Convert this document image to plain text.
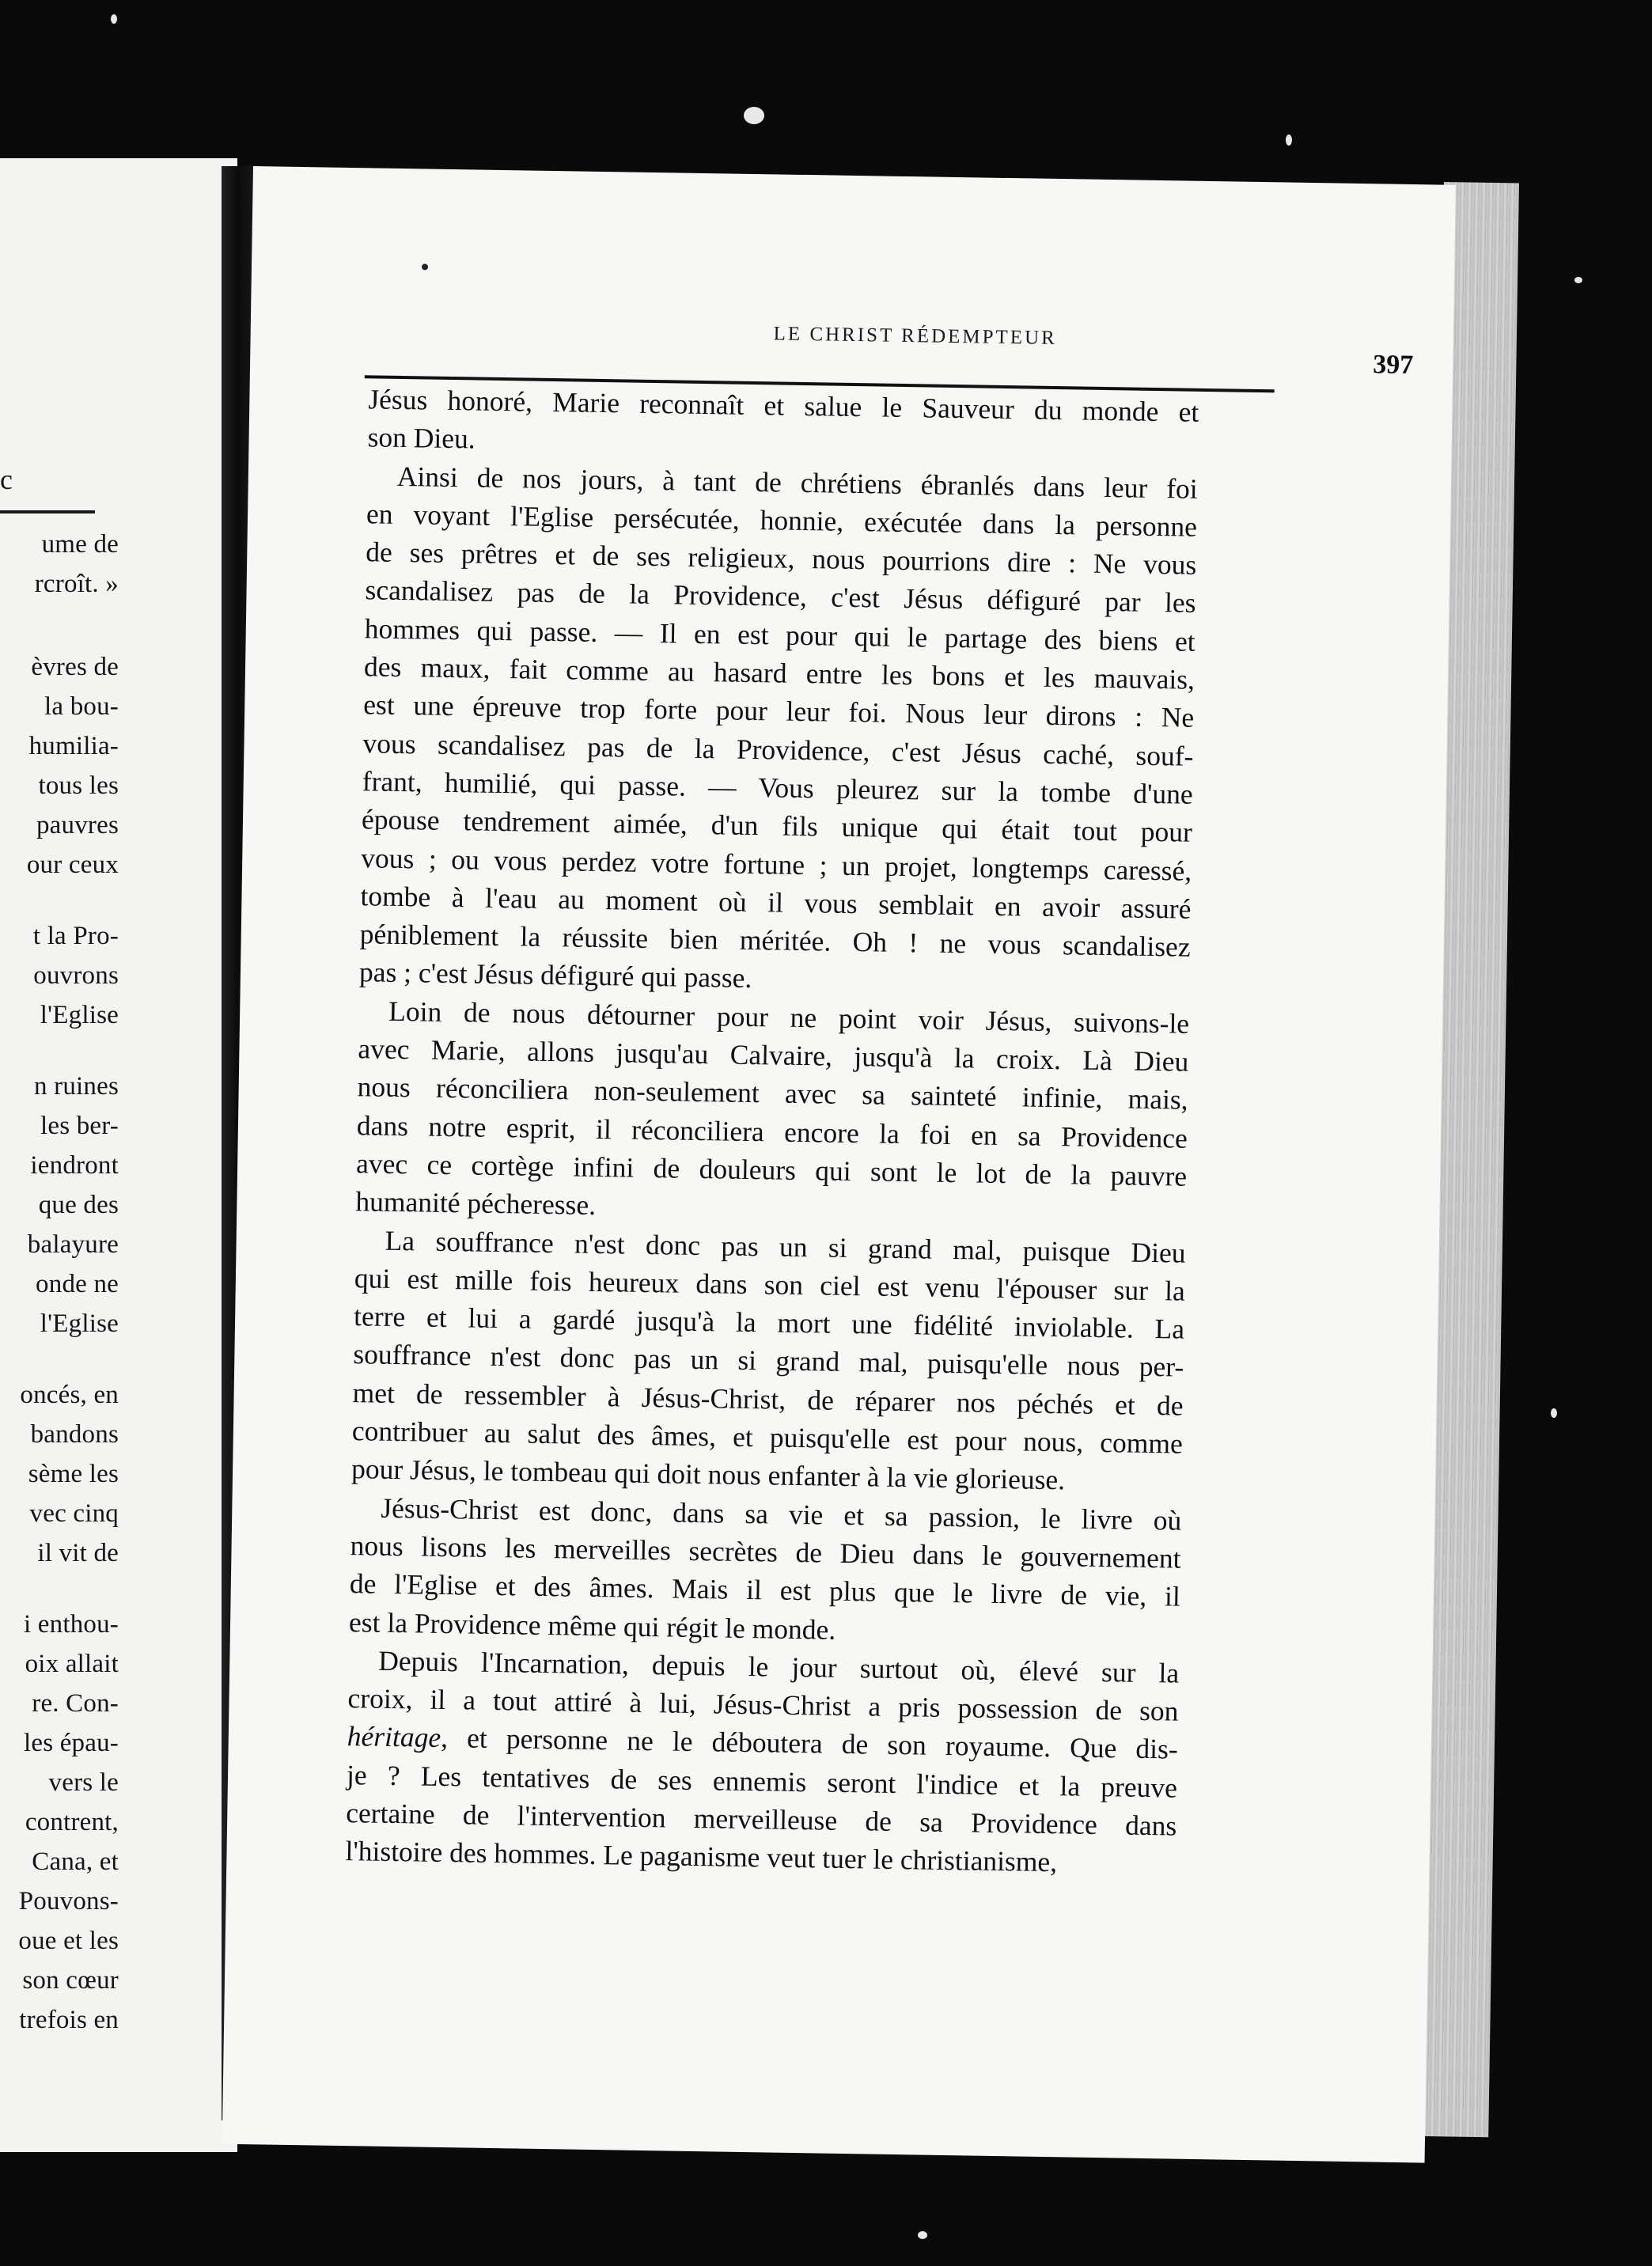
c
ume de
rcroît. »
èvres de
la bou-
humilia-
tous les
pauvres
our ceux
t la Pro-
ouvrons
l'Eglise
n ruines
les ber-
iendront
que des
balayure
onde ne
l'Eglise
oncés, en
bandons
sème les
vec cinq
il vit de
i enthou-
oix allait
re. Con-
les épau-
vers le
contrent,
Cana, et
Pouvons-
oue et les
son cœur
trefois en
LE CHRIST RÉDEMPTEUR
397

Jésus honoré, Marie reconnaît et salue le Sauveur du monde et
son Dieu.

Ainsi de nos jours, à tant de chrétiens ébranlés dans leur foi
en voyant l'Eglise persécutée, honnie, exécutée dans la personne
de ses prêtres et de ses religieux, nous pourrions dire : Ne vous
scandalisez pas de la Providence, c'est Jésus défiguré par les
hommes qui passe. — Il en est pour qui le partage des biens et
des maux, fait comme au hasard entre les bons et les mauvais,
est une épreuve trop forte pour leur foi. Nous leur dirons : Ne
vous scandalisez pas de la Providence, c'est Jésus caché, souf-
frant, humilié, qui passe. — Vous pleurez sur la tombe d'une
épouse tendrement aimée, d'un fils unique qui était tout pour
vous ; ou vous perdez votre fortune ; un projet, longtemps caressé,
tombe à l'eau au moment où il vous semblait en avoir assuré
péniblement la réussite bien méritée. Oh ! ne vous scandalisez
pas ; c'est Jésus défiguré qui passe.

Loin de nous détourner pour ne point voir Jésus, suivons-le
avec Marie, allons jusqu'au Calvaire, jusqu'à la croix. Là Dieu
nous réconciliera non-seulement avec sa sainteté infinie, mais,
dans notre esprit, il réconciliera encore la foi en sa Providence
avec ce cortège infini de douleurs qui sont le lot de la pauvre
humanité pécheresse.

La souffrance n'est donc pas un si grand mal, puisque Dieu
qui est mille fois heureux dans son ciel est venu l'épouser sur la
terre et lui a gardé jusqu'à la mort une fidélité inviolable. La
souffrance n'est donc pas un si grand mal, puisqu'elle nous per-
met de ressembler à Jésus-Christ, de réparer nos péchés et de
contribuer au salut des âmes, et puisqu'elle est pour nous, comme
pour Jésus, le tombeau qui doit nous enfanter à la vie glorieuse.

Jésus-Christ est donc, dans sa vie et sa passion, le livre où
nous lisons les merveilles secrètes de Dieu dans le gouvernement
de l'Eglise et des âmes. Mais il est plus que le livre de vie, il
est la Providence même qui régit le monde.

Depuis l'Incarnation, depuis le jour surtout où, élevé sur la
croix, il a tout attiré à lui, Jésus-Christ a pris possession de son
héritage, et personne ne le déboutera de son royaume. Que dis-
je ? Les tentatives de ses ennemis seront l'indice et la preuve
certaine de l'intervention merveilleuse de sa Providence dans
l'histoire des hommes. Le paganisme veut tuer le christianisme,
